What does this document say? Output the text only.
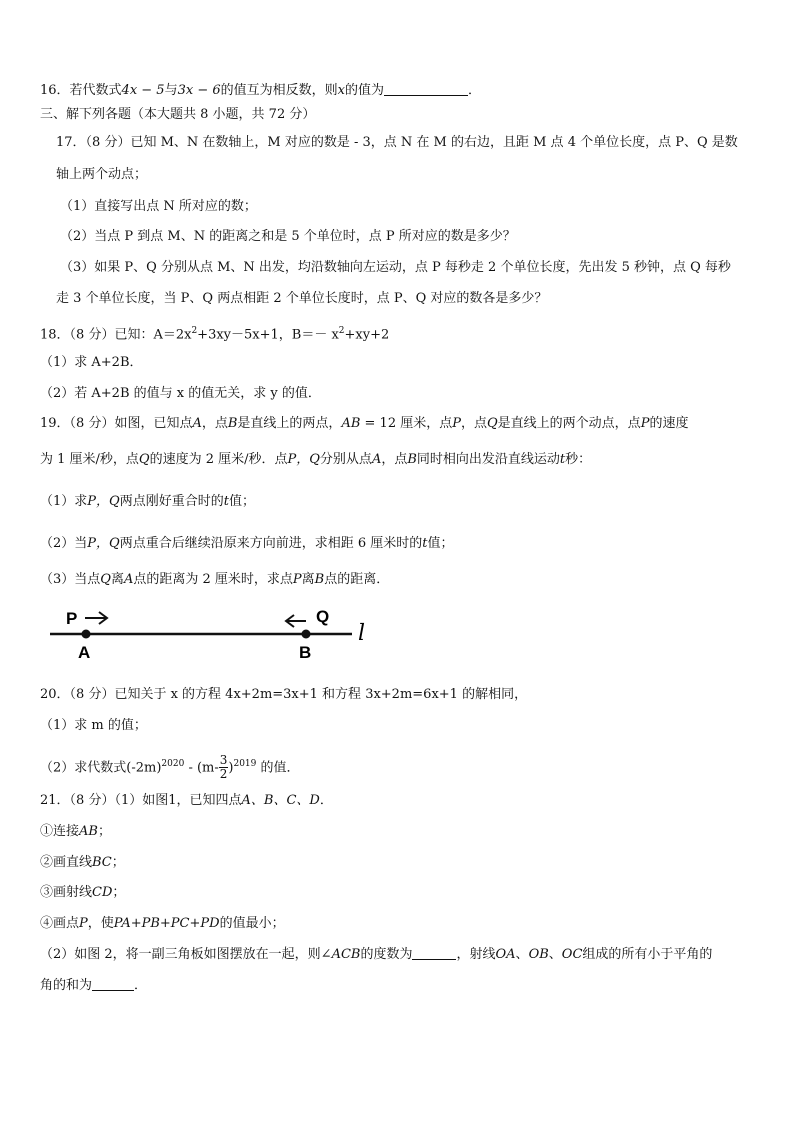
16．若代数式4x − 5与3x − 6的值互为相反数，则x的值为	．
三、解下列各题（本大题共 8 小题，共 72 分）
17．（8 分）已知 M、N 在数轴上，M 对应的数是 - 3，点 N 在 M 的右边，且距 M 点 4 个单位长度，点 P、Q 是数
轴上两个动点；
（1）直接写出点 N 所对应的数；
（2）当点 P 到点 M、N 的距离之和是 5 个单位时，点 P 所对应的数是多少？
（3）如果 P、Q 分别从点 M、N 出发，均沿数轴向左运动，点 P 每秒走 2 个单位长度，先出发 5 秒钟，点 Q 每秒
走 3 个单位长度，当 P、Q 两点相距 2 个单位长度时，点 P、Q 对应的数各是多少？
18．（8 分）已知：$A=2x^2+3xy-5x+1$，$B=- x^2+xy+2$
（1）求 A+2B．
（2）若 A+2B 的值与 x 的值无关，求 y 的值．
19．（8 分）如图，已知点A，点B是直线上的两点，AB = 12 厘米，点P，点Q是直线上的两个动点，点P的速度
为 1 厘米/秒，点Q的速度为 2 厘米/秒．点P，Q分别从点A，点B同时相向出发沿直线运动t秒：
（1）求P，Q两点刚好重合时的t值；
（2）当P，Q两点重合后继续沿原来方向前进，求相距 6 厘米时的t值；
（3）当点Q离A点的距离为 2 厘米时，求点P离B点的距离．
P	Q
A	B
l
20．（8 分）已知关于 x 的方程 4x+2m=3x+1 和方程 3x+2m=6x+1 的解相同，
（1）求 m 的值；
（2）求代数式$(-2m)^{2020} - (m- \frac{3}{2} )^{2019}$ 的值．
21．（8 分）（1）如图1，已知四点A、B、C、D．
①连接AB；
②画直线BC；
③画射线CD；
④画点P，使PA+PB+PC+PD的值最小；
（2）如图 2，将一副三角板如图摆放在一起，则∠ACB的度数为	，射线OA、OB、OC组成的所有小于平角的
角的和为	．
